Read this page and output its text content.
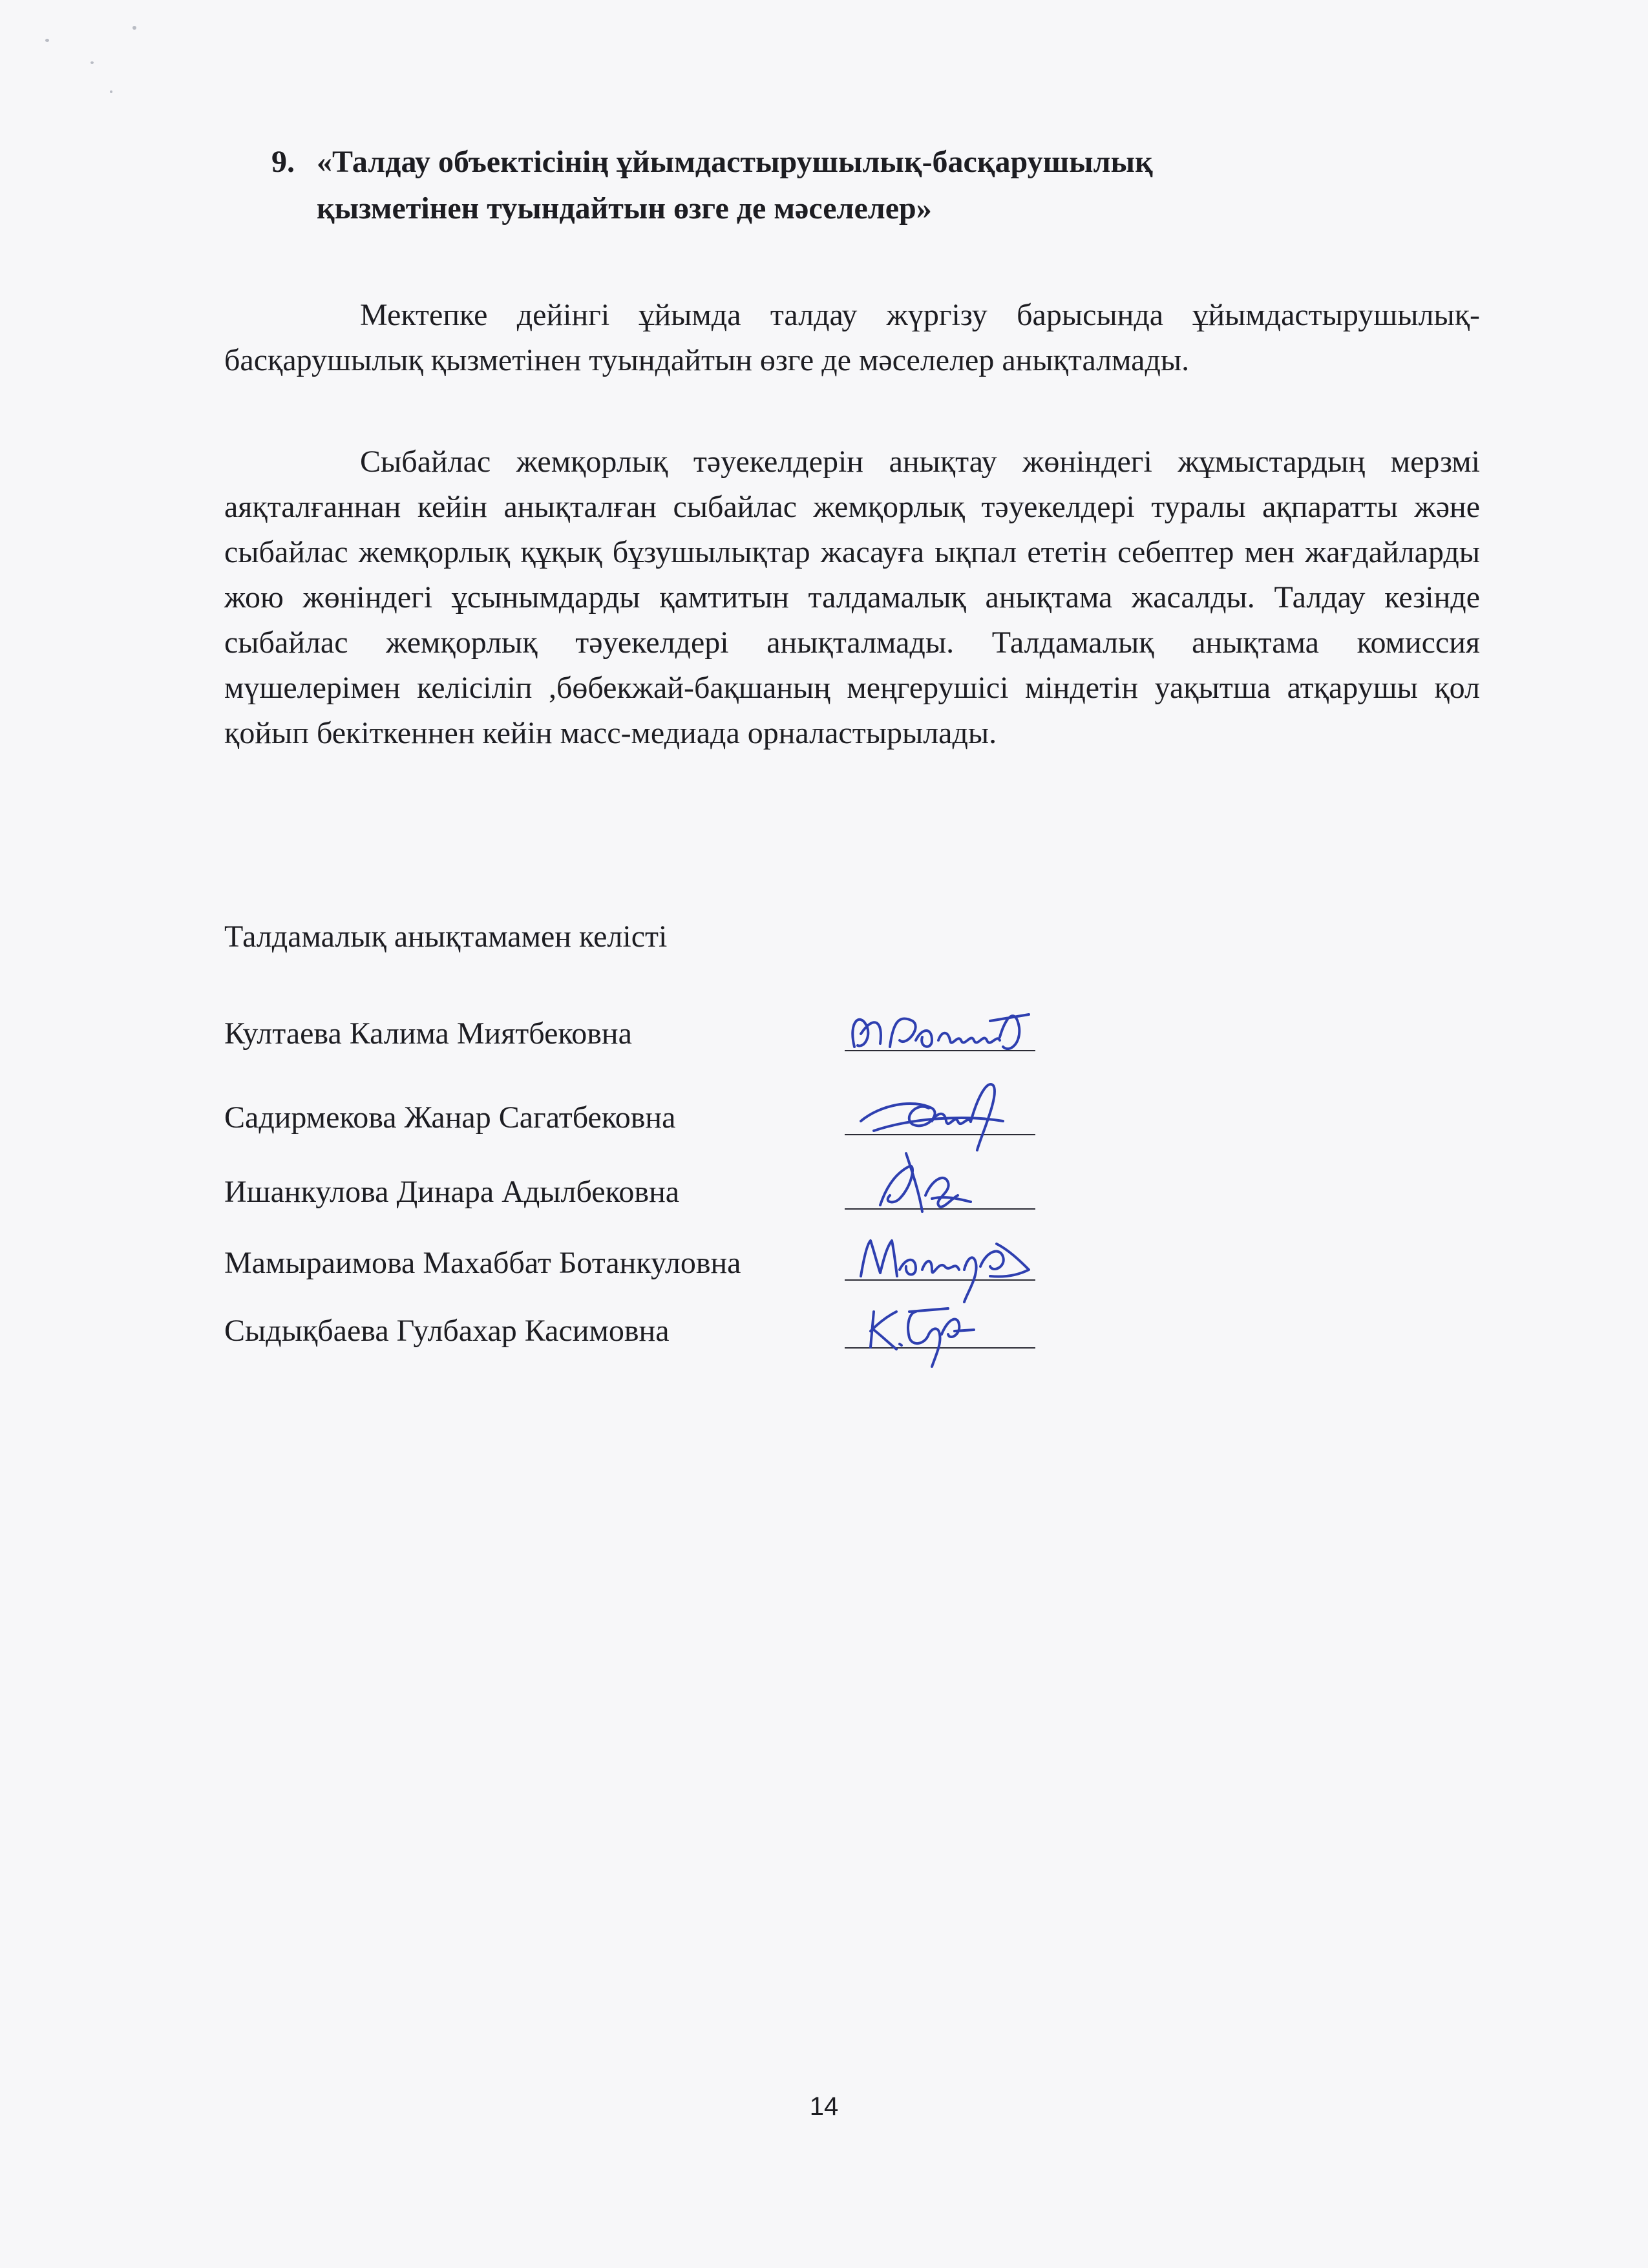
9. «Талдау объектісінің ұйымдастырушылық-басқарушылық
қызметінен туындайтын өзге де мәселелер»

Мектепке дейінгі ұйымда талдау жүргізу барысында ұйымдастырушылық-басқарушылық қызметінен туындайтын өзге де мәселелер анықталмады.

Сыбайлас жемқорлық тәуекелдерін анықтау жөніндегі жұмыстардың мерзмі аяқталғаннан кейін анықталған сыбайлас жемқорлық тәуекелдері туралы ақпаратты және сыбайлас жемқорлық құқық бұзушылықтар жасауға ықпал ететін себептер мен жағдайларды жою жөніндегі ұсынымдарды қамтитын талдамалық анықтама жасалды. Талдау кезінде сыбайлас жемқорлық тәуекелдері анықталмады. Талдамалық анықтама комиссия мүшелерімен келісіліп ,бөбекжай-бақшаның меңгерушісі міндетін уақытша атқарушы қол қойып бекіткеннен кейін масс-медиада орналастырылады.

Талдамалық анықтамамен келісті
Култаева Калима Миятбековна
Садирмекова Жанар Сагатбековна
Ишанкулова Динара Адылбековна
Мамыраимова Махаббат Ботанкуловна
Сыдықбаева Гулбахар Касимовна
14
